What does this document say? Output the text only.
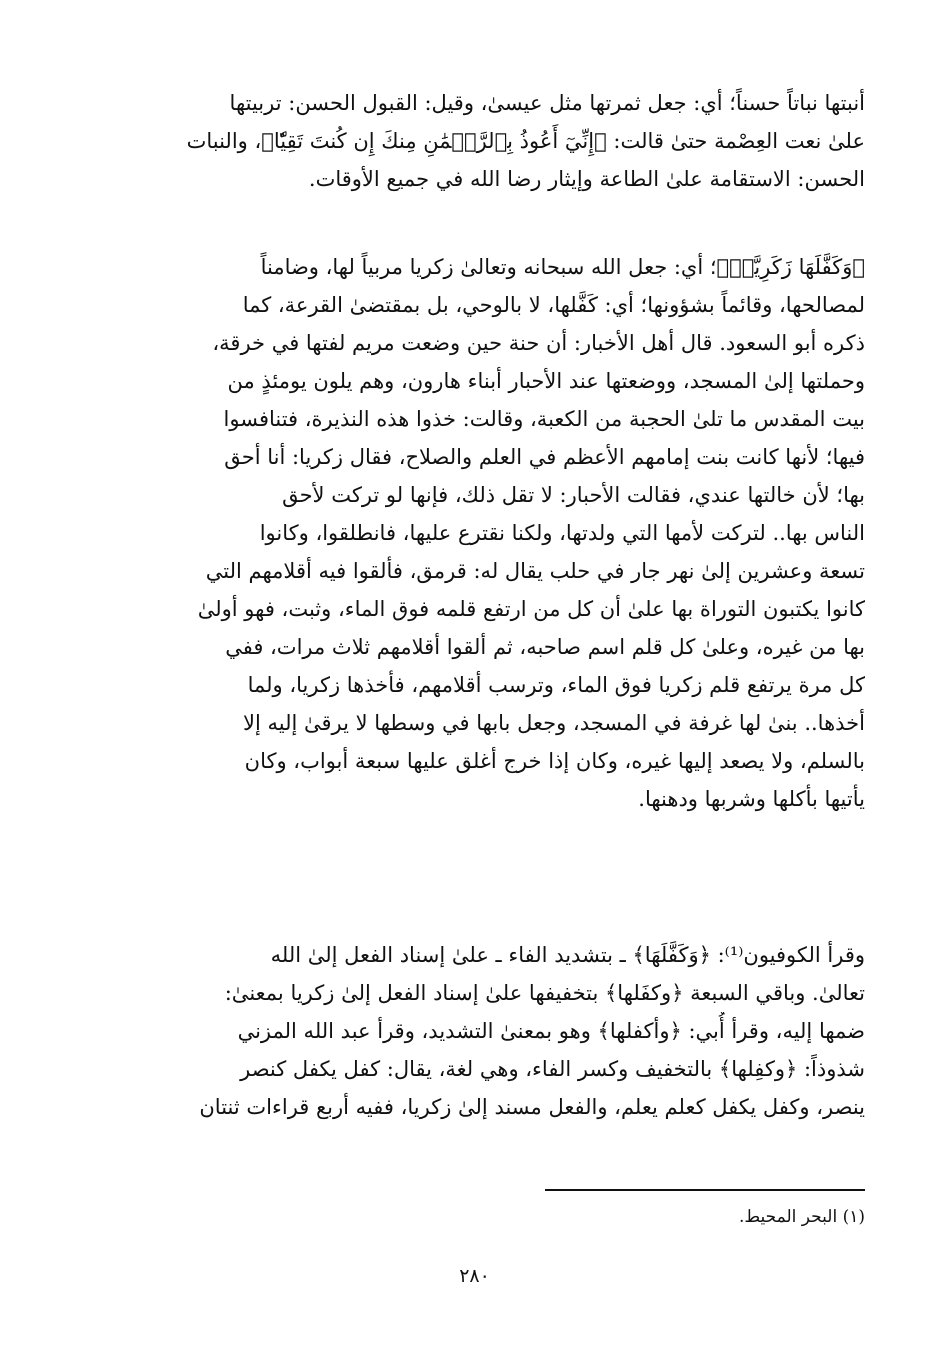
أنبتها نباتاً حسناً؛ أي: جعل ثمرتها مثل عيسىٰ، وقيل: القبول الحسن: تربيتها
علىٰ نعت العِصْمة حتىٰ قالت: ﴿إِنِّيٓ أَعُوذُ بِٱلرَّحۡمَٰنِ مِنكَ إِن كُنتَ تَقِيّٗا﴾، والنبات
الحسن: الاستقامة علىٰ الطاعة وإيثار رضا الله في جميع الأوقات.
﴿وَكَفَّلَهَا زَكَرِيَّاۖ﴾؛ أي: جعل الله سبحانه وتعالىٰ زكريا مربياً لها، وضامناً
لمصالحها، وقائماً بشؤونها؛ أي: كَفَّلها، لا بالوحي، بل بمقتضىٰ القرعة، كما
ذكره أبو السعود. قال أهل الأخبار: أن حنة حين وضعت مريم لفتها في خرقة،
وحملتها إلىٰ المسجد، ووضعتها عند الأحبار أبناء هارون، وهم يلون يومئذٍ من
بيت المقدس ما تلىٰ الحجبة من الكعبة، وقالت: خذوا هذه النذيرة، فتنافسوا
فيها؛ لأنها كانت بنت إمامهم الأعظم في العلم والصلاح، فقال زكريا: أنا أحق
بها؛ لأن خالتها عندي، فقالت الأحبار: لا تقل ذلك، فإنها لو تركت لأحق
الناس بها.. لتركت لأمها التي ولدتها، ولكنا نقترع عليها، فانطلقوا، وكانوا
تسعة وعشرين إلىٰ نهر جار في حلب يقال له: قرمق، فألقوا فيه أقلامهم التي
كانوا يكتبون التوراة بها علىٰ أن كل من ارتفع قلمه فوق الماء، وثبت، فهو أولىٰ
بها من غيره، وعلىٰ كل قلم اسم صاحبه، ثم ألقوا أقلامهم ثلاث مرات، ففي
كل مرة يرتفع قلم زكريا فوق الماء، وترسب أقلامهم، فأخذها زكريا، ولما
أخذها.. بنىٰ لها غرفة في المسجد، وجعل بابها في وسطها لا يرقىٰ إليه إلا
بالسلم، ولا يصعد إليها غيره، وكان إذا خرج أغلق عليها سبعة أبواب، وكان
يأتيها بأكلها وشربها ودهنها.
وقرأ الكوفيون⁽¹⁾: ﴿وَكَفَّلَهَا﴾ ـ بتشديد الفاء ـ علىٰ إسناد الفعل إلىٰ الله
تعالىٰ. وباقي السبعة ﴿وكفَلها﴾ بتخفيفها علىٰ إسناد الفعل إلىٰ زكريا بمعنىٰ:
ضمها إليه، وقرأ أُبي: ﴿وأكفلها﴾ وهو بمعنىٰ التشديد، وقرأ عبد الله المزني
شذوذاً: ﴿وكفِلها﴾ بالتخفيف وكسر الفاء، وهي لغة، يقال: كفل يكفل كنصر
ينصر، وكفل يكفل كعلم يعلم، والفعل مسند إلىٰ زكريا، ففيه أربع قراءات ثنتان
(١) البحر المحيط.
٢٨٠
